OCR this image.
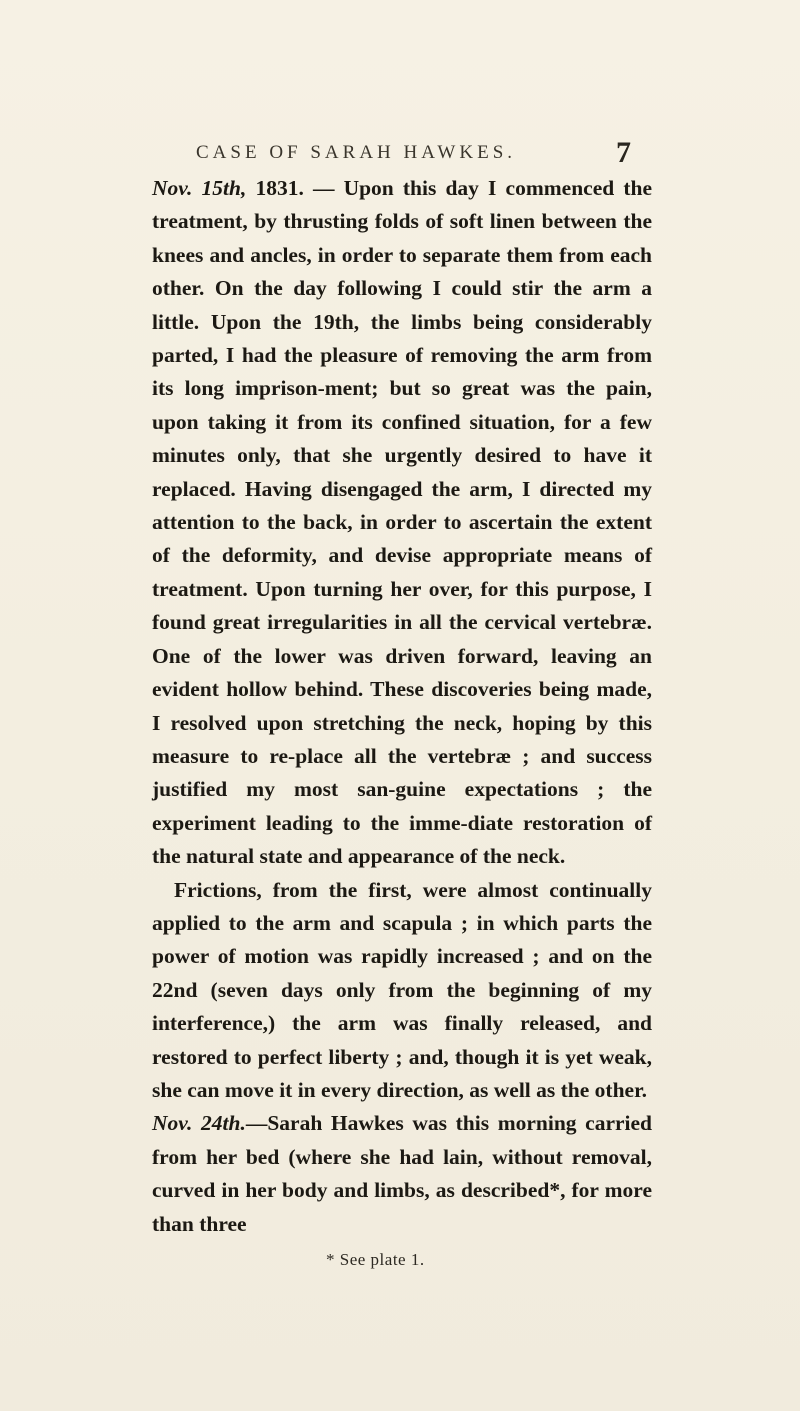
CASE OF SARAH HAWKES.	7

Nov. 15th, 1831. — Upon this day I commenced the treatment, by thrusting folds of soft linen between the knees and ancles, in order to separate them from each other. On the day following I could stir the arm a little. Upon the 19th, the limbs being considerably parted, I had the pleasure of removing the arm from its long imprison-ment; but so great was the pain, upon taking it from its confined situation, for a few minutes only, that she urgently desired to have it replaced. Having disengaged the arm, I directed my attention to the back, in order to ascertain the extent of the deformity, and devise appropriate means of treatment. Upon turning her over, for this purpose, I found great irregularities in all the cervical vertebræ. One of the lower was driven forward, leaving an evident hollow behind. These discoveries being made, I resolved upon stretching the neck, hoping by this measure to re-place all the vertebræ ; and success justified my most san-guine expectations ; the experiment leading to the imme-diate restoration of the natural state and appearance of the neck.

Frictions, from the first, were almost continually applied to the arm and scapula ; in which parts the power of motion was rapidly increased ; and on the 22nd (seven days only from the beginning of my interference,) the arm was finally released, and restored to perfect liberty ; and, though it is yet weak, she can move it in every direction, as well as the other.

Nov. 24th.—Sarah Hawkes was this morning carried from her bed (where she had lain, without removal, curved in her body and limbs, as described*, for more than three

* See plate 1.
